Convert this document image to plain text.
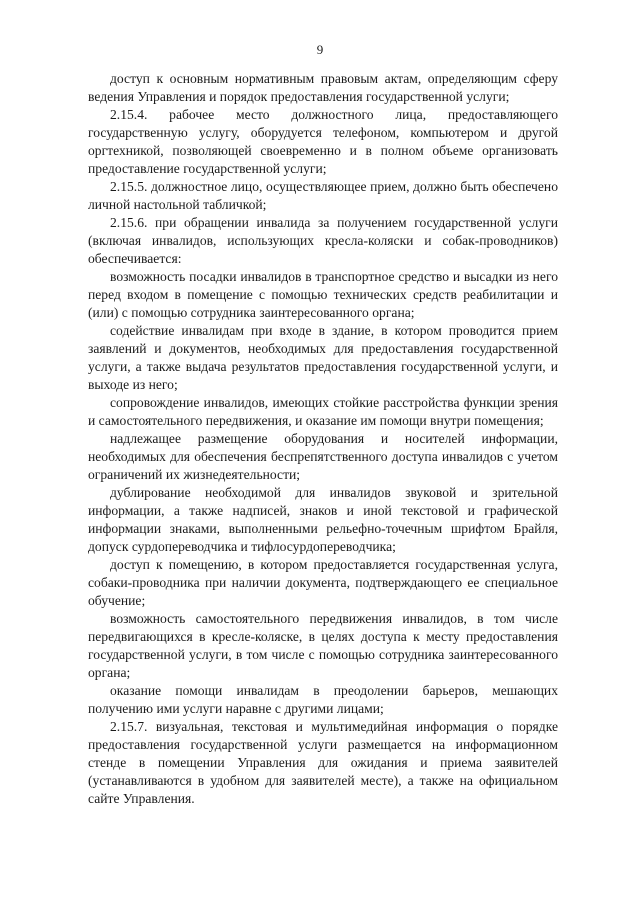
9

доступ к основным нормативным правовым актам, определяющим сферу ведения Управления и порядок предоставления государственной услуги;

2.15.4. рабочее место должностного лица, предоставляющего государственную услугу, оборудуется телефоном, компьютером и другой оргтехникой, позволяющей своевременно и в полном объеме организовать предоставление государственной услуги;

2.15.5. должностное лицо, осуществляющее прием, должно быть обеспечено личной настольной табличкой;

2.15.6. при обращении инвалида за получением государственной услуги (включая инвалидов, использующих кресла-коляски и собак-проводников) обеспечивается:

возможность посадки инвалидов в транспортное средство и высадки из него перед входом в помещение с помощью технических средств реабилитации и (или) с помощью сотрудника заинтересованного органа;

содействие инвалидам при входе в здание, в котором проводится прием заявлений и документов, необходимых для предоставления государственной услуги, а также выдача результатов предоставления государственной услуги, и выходе из него;

сопровождение инвалидов, имеющих стойкие расстройства функции зрения и самостоятельного передвижения, и оказание им помощи внутри помещения;

надлежащее размещение оборудования и носителей информации, необходимых для обеспечения беспрепятственного доступа инвалидов с учетом ограничений их жизнедеятельности;

дублирование необходимой для инвалидов звуковой и зрительной информации, а также надписей, знаков и иной текстовой и графической информации знаками, выполненными рельефно-точечным шрифтом Брайля, допуск сурдопереводчика и тифлосурдопереводчика;

доступ к помещению, в котором предоставляется государственная услуга, собаки-проводника при наличии документа, подтверждающего ее специальное обучение;

возможность самостоятельного передвижения инвалидов, в том числе передвигающихся в кресле-коляске, в целях доступа к месту предоставления государственной услуги, в том числе с помощью сотрудника заинтересованного органа;

оказание помощи инвалидам в преодолении барьеров, мешающих получению ими услуги наравне с другими лицами;

2.15.7. визуальная, текстовая и мультимедийная информация о порядке предоставления государственной услуги размещается на информационном стенде в помещении Управления для ожидания и приема заявителей (устанавливаются в удобном для заявителей месте), а также на официальном сайте Управления.
